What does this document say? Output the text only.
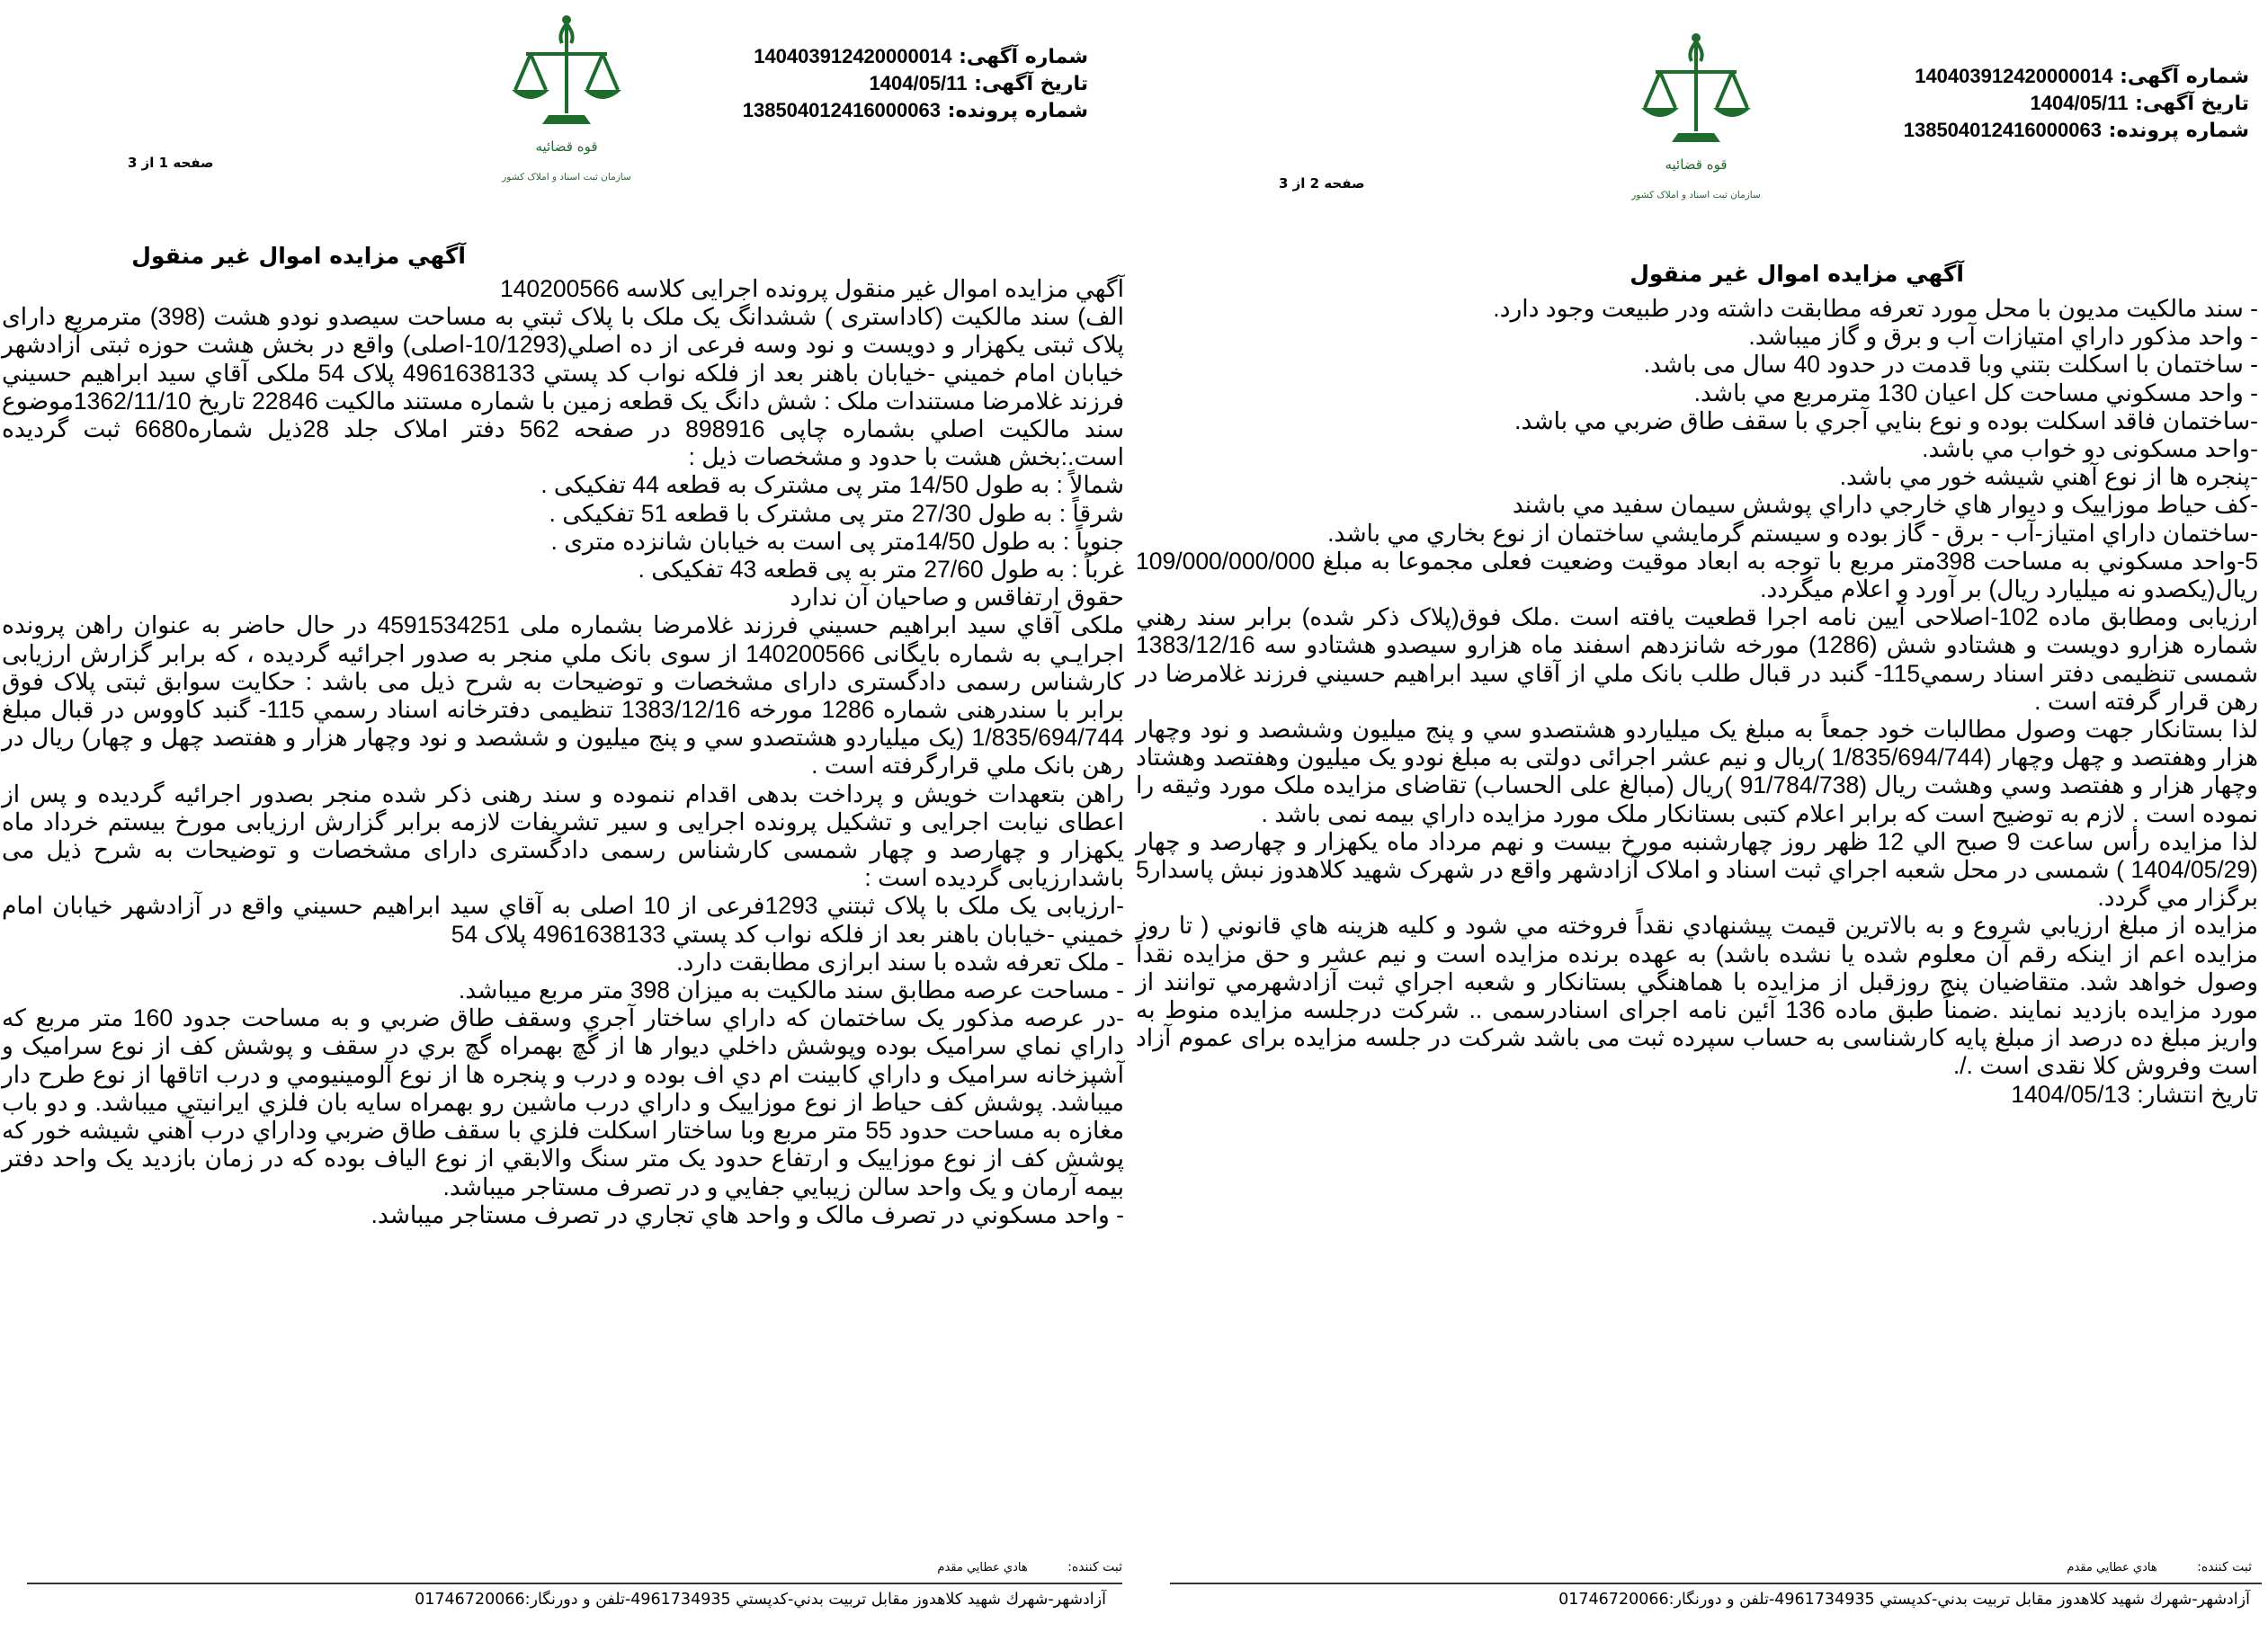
شماره آگهی: 140403912420000014
تاریخ آگهی: 1404/05/11
شماره پرونده: 138504012416000063
قوه قضائیه
سازمان ثبت اسناد و املاک کشور
صفحه 1 از 3
آگهي مزايده اموال غير منقول

آگهي مزايده اموال غير منقول پرونده اجرایی کلاسه 140200566

الف) سند مالکيت (کاداستری ) ششدانگ یک ملک با پلاک ثبتي به مساحت سیصدو نودو هشت (398) مترمربع دارای پلاک ثبتی یکهزار و دویست و نود وسه فرعی از ده اصلي(10/1293-اصلی) واقع در بخش هشت حوزه ثبتی آزادشهر خیابان امام خمیني -خیابان باهنر بعد از فلکه نواب کد پستي 4961638133 پلاک 54 ملکی آقاي سيد ابراهيم حسيني فرزند غلامرضا مستندات ملک : شش دانگ یک قطعه زمین با شماره مستند مالکیت 22846 تاریخ 1362/11/10موضوع سند مالکیت اصلي بشماره چاپی 898916 در صفحه 562 دفتر املاک جلد 28ذیل شماره6680 ثبت گردیده است.:بخش هشت با حدود و مشخصات ذیل :

شمالاً : به طول 14/50 متر پی مشترک به قطعه 44 تفکیکی .

شرقاً : به طول 27/30 متر پی مشترک با قطعه 51 تفکیکی .

جنوباً : به طول 14/50متر پی است به خیابان شانزده متری .

غرباً : به طول 27/60 متر به پی قطعه 43 تفکیکی .

حقوق ارتفاقس و صاحیان آن ندارد

ملکی آقاي سيد ابراهيم حسيني فرزند غلامرضا بشماره ملی 4591534251 در حال حاضر به عنوان راهن پرونده اجرایـي به شماره بایگانی 140200566 از سوی بانک ملي منجر به صدور اجرائیه گردیده ، كه برابر گزارش ارزیابی کارشناس رسمی دادگستری دارای مشخصات و توضیحات به شرح ذیل می باشد : حکایت سوابق ثبتی پلاک فوق برابر با سندرهنی شماره 1286 مورخه 1383/12/16 تنظیمی دفترخانه اسناد رسمي 115- گنبد کاووس در قبال مبلغ 1/835/694/744 (یک میلیاردو هشتصدو سي و پنج میلیون و ششصد و نود وچهار هزار و هفتصد چهل و چهار) ریال در رهن بانک ملي قرارگرفته است .

راهن بتعهدات خویش و پرداخت بدهی اقدام ننموده و سند رهنی ذکر شده منجر بصدور اجرائیه گردیده و پس از اعطای نیابت اجرایی و تشکیل پرونده اجرایی و سیر تشریفات لازمه برابر گزارش ارزیابی مورخ بیستم خرداد ماه یکهزار و چهارصد و چهار شمسی كارشناس رسمی دادگستری دارای مشخصات و توضیحات به شرح ذیل می باشدارزیابی گردیده است :

-ارزیابی یک ملک با پلاک ثبتني 1293فرعی از 10 اصلی به آقاي سيد ابراهيم حسيني واقع در آزادشهر خیابان امام خمیني -خیابان باهنر بعد از فلکه نواب کد پستي 4961638133 پلاک 54

- ملک تعرفه شده با سند ابرازی مطابقت دارد.

- مساحت عرصه مطابق سند مالکیت به میزان 398 متر مربع میباشد.

-در عرصه مذکور یک ساختمان که داراي ساختار آجري وسقف طاق ضربي و به مساحت جدود 160 متر مربع که داراي نماي سرامیک بوده وپوشش داخلي دیوار ها از گچ بهمراه گچ بري در سقف و پوشش کف از نوع سرامیک و آشپزخانه سرامیک و داراي کابینت ام دي اف بوده و درب و پنجره ها از نوع آلومینیومي و درب اتاقها از نوع طرح دار میباشد. پوشش کف حیاط از نوع موزاییک و داراي درب ماشین رو بهمراه سایه بان فلزي ایرانیتي میباشد. و دو باب مغازه به مساحت حدود 55 متر مربع وبا ساختار اسکلت فلزي با سقف طاق ضربي وداراي درب آهني شیشه خور که پوشش کف از نوع موزاییک و ارتفاع حدود یک متر سنگ والابقي از نوع الیاف بوده که در زمان بازدید یک واحد دفتر بیمه آرمان و یک واحد سالن زیبایي جفایي و در تصرف مستاجر میباشد.

- واحد مسکوني در تصرف مالک و واحد هاي تجاري در تصرف مستاجر میباشد.

ثبت کننده: هادي عطايي مقدم
آزادشهر-شهرك شهيد كلاهدوز مقابل تربيت بدني-كدپستي 4961734935-تلفن و دورنگار:01746720066
شماره آگهی: 140403912420000014
تاریخ آگهی: 1404/05/11
شماره پرونده: 138504012416000063
قوه قضائیه
سازمان ثبت اسناد و املاک کشور
صفحه 2 از 3
آگهي مزايده اموال غير منقول

- سند مالکيت مديون با محل مورد تعرفه مطابقت داشته ودر طبیعت وجود دارد.

- واحد مذكور داراي امتيازات آب و برق و گاز ميباشد.

- ساختمان با اسکلت بتني وبا قدمت در حدود 40 سال می باشد.

- واحد مسكوني مساحت کل اعیان 130 مترمربع مي باشد.

-ساختمان فاقد اسکلت بوده و نوع بنایي آجري با سقف طاق ضربي مي باشد.

-واحد مسکونی دو خواب مي باشد.

-پنجره ها از نوع آهني شیشه خور مي باشد.

-کف حياط موزاييک و ديوار هاي خارجي داراي پوشش سيمان سفيد مي باشند

-ساختمان داراي امتياز-آب - برق - گاز بوده و سيستم گرمايشي ساختمان از نوع بخاري مي باشد.

5-واحد مسکوني به مساحت 398متر مربع با توجه به ابعاد موقيت وضعيت فعلی مجموعا به مبلغ 109/000/000/000 ریال(یکصدو نه میلیارد ریال) بر آورد و اعلام ميگردد.

ارزيابی ومطابق ماده 102-اصلاحی آيين نامه اجرا قطعيت يافته است .ملک فوق(پلاک ذکر شده) برابر سند رهني شماره هزارو دویست و هشتادو شش (1286) مورخه شانزدهم اسفند ماه هزارو سیصدو هشتادو سه 1383/12/16 شمسی تنظيمی دفتر اسناد رسمي115- گنبد در قبال طلب بانک ملي از آقاي سيد ابراهيم حسيني فرزند غلامرضا در رهن قرار گرفته است .

لذا بستانکار جهت وصول مطالبات خود جمعاً به مبلغ يک ميلياردو هشتصدو سي و پنج ميليون وششصد و نود وچهار هزار وهفتصد و چهل وچهار (1/835/694/744 )ريال و نيم عشر اجرائی دولتی به مبلغ نودو یک میلیون وهفتصد وهشتاد وچهار هزار و هفتصد وسي وهشت ريال (91/784/738 )ريال (مبالغ علی الحساب) تقاضای مزايده ملک مورد وثيقه را نموده است . لازم به توضيح است که برابر اعلام کتبی بستانکار ملک مورد مزايده داراي بيمه نمی باشد .

لذا مزايده رأس ساعت 9 صبح الي 12 ظهر روز چهارشنبه مورخ بیست و نهم مرداد ماه يکهزار و چهارصد و چهار (1404/05/29 ) شمسی در محل شعبه اجراي ثبت اسناد و املاک آزادشهر واقع در شهرک شهيد کلاهدوز نبش پاسدار5 برگزار مي گردد.

مزایده از مبلغ ارزیابي شروع و به بالاترين قيمت پيشنهادي نقداً فروخته مي شود و کليه هزينه هاي قانوني ( تا روز مزایده اعم از اینکه رقم آن معلوم شده یا نشده باشد) به عهده برنده مزایده است و نیم عشر و حق مزایده نقداً وصول خواهد شد. متقاضیان پنج روزقبل از مزایده با هماهنگي بستانکار و شعبه اجراي ثبت آزادشهرمي توانند از مورد مزايده بازديد نمایند .ضمناً طبق ماده 136 آئین نامه اجرای اسنادرسمی .. شركت درجلسه مزایده منوط به واریز مبلغ ده درصد از مبلغ پایه كارشناسی به حساب سپرده ثبت می باشد شركت در جلسه مزایده برای عموم آزاد است وفروش كلا نقدی است ./.

تاريخ انتشار: 1404/05/13

ثبت کننده: هادي عطايي مقدم
آزادشهر-شهرك شهيد كلاهدوز مقابل تربيت بدني-كدپستي 4961734935-تلفن و دورنگار:01746720066
